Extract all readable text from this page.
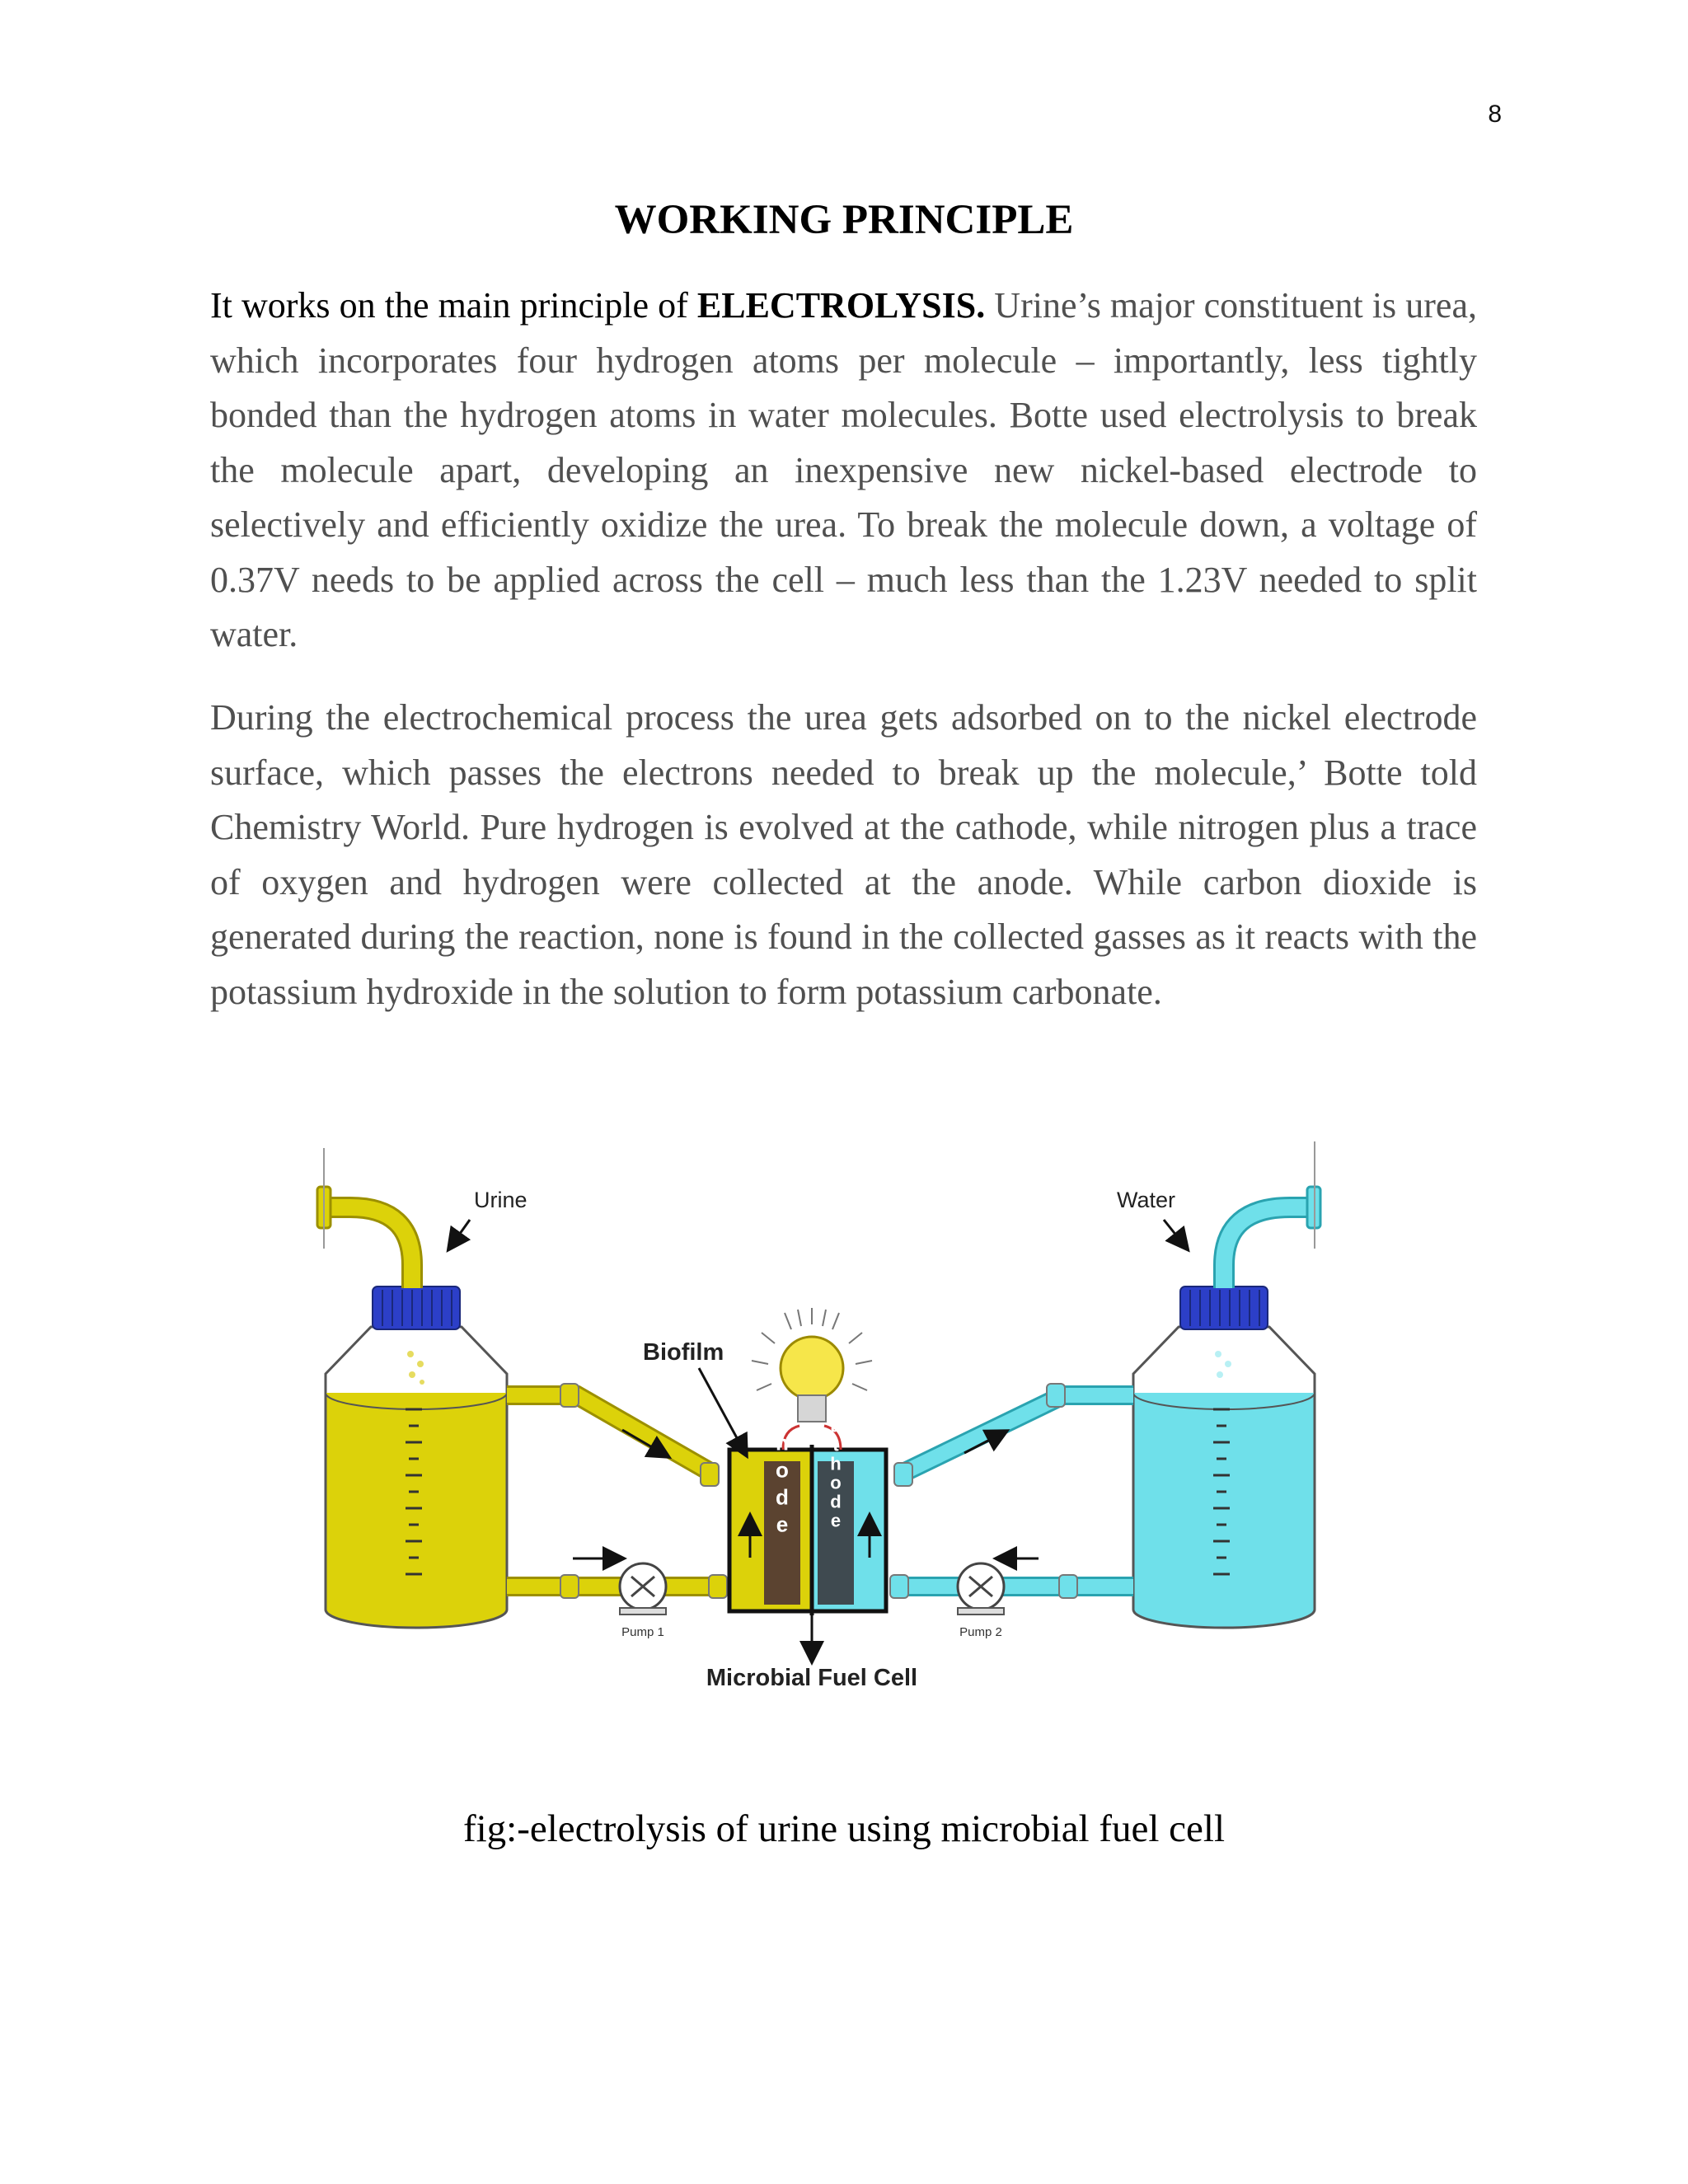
8
WORKING PRINCIPLE

It works on the main principle of ELECTROLYSIS. Urine’s major constituent is urea, which incorporates four hydrogen atoms per molecule – importantly, less tightly bonded than the hydrogen atoms in water molecules. Botte used electrolysis to break the molecule apart, developing an inexpensive new nickel-based electrode to selectively and efficiently oxidize the urea. To break the molecule down, a voltage of 0.37V needs to be applied across the cell – much less than the 1.23V needed to split water.

During the electrochemical process the urea gets adsorbed on to the nickel electrode surface, which passes the electrons needed to break up the molecule,’ Botte told Chemistry World. Pure hydrogen is evolved at the cathode, while nitrogen plus a trace of oxygen and hydrogen were collected at the anode. While carbon dioxide is generated during the reaction, none is found in the collected gasses as it reacts with the potassium hydroxide in the solution to form potassium carbonate.

Urine	Water
Biofilm
Anode Cathode
Pump 1	Pump 2
Microbial Fuel Cell

fig:-electrolysis of urine using microbial fuel cell
